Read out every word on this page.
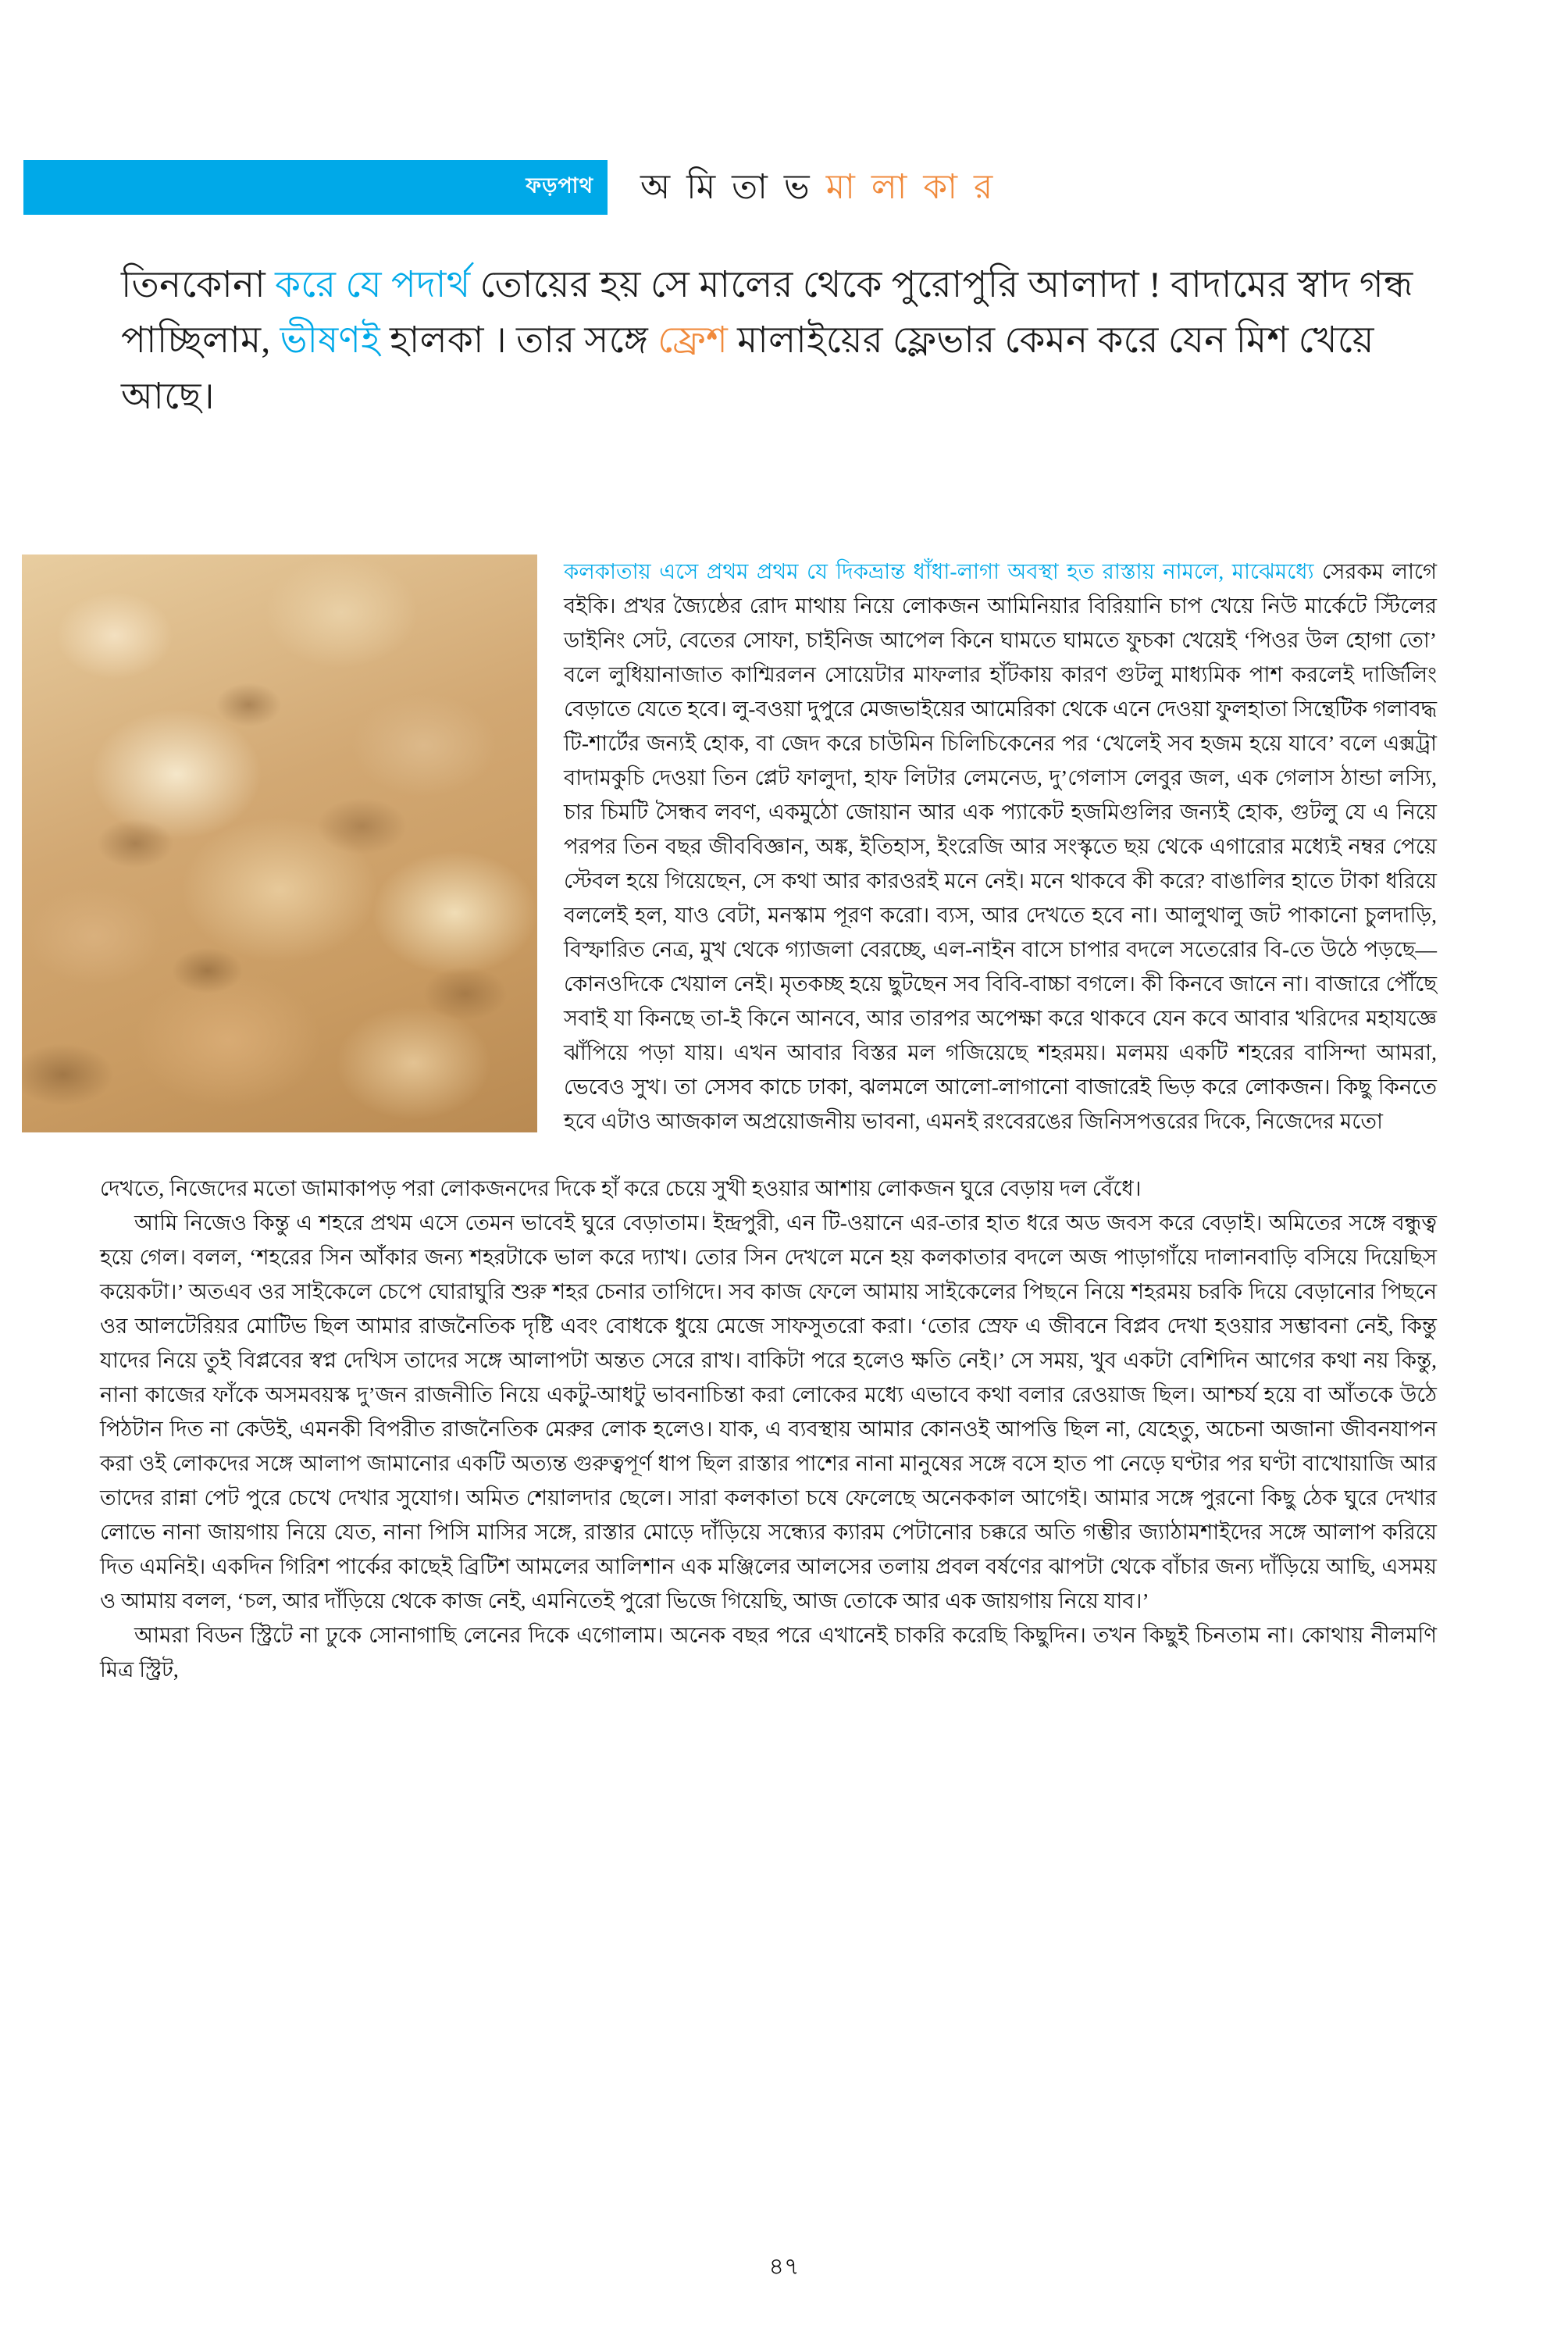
ফড়পাথ অ মি তা ভ মা লা কা র
তিনকোনা করে যে পদার্থ তোয়ের হয় সে মালের থেকে পুরোপুরি আলাদা ! বাদামের স্বাদ গন্ধ পাচ্ছিলাম, ভীষণই হালকা । তার সঙ্গে ফ্রেশ মালাইয়ের ফ্লেভার কেমন করে যেন মিশ খেয়ে আছে।

কলকাতায় এসে প্রথম প্রথম যে দিকভ্রান্ত ধাঁধা-লাগা অবস্থা হত রাস্তায় নামলে, মাঝেমধ্যে সেরকম লাগে বইকি। প্রখর জ্যৈষ্ঠের রোদ মাথায় নিয়ে লোকজন আমিনিয়ার বিরিয়ানি চাপ খেয়ে নিউ মার্কেটে স্টিলের ডাইনিং সেট, বেতের সোফা, চাইনিজ আপেল কিনে ঘামতে ঘামতে ফুচকা খেয়েই ‘পিওর উল হোগা তো’ বলে লুধিয়ানাজাত কাশ্মিরলন সোয়েটার মাফলার হাঁটকায় কারণ গুটলু মাধ্যমিক পাশ করলেই দার্জিলিং বেড়াতে যেতে হবে। লু-বওয়া দুপুরে মেজভাইয়ের আমেরিকা থেকে এনে দেওয়া ফুলহাতা সিন্থেটিক গলাবদ্ধ টি-শার্টের জন্যই হোক, বা জেদ করে চাউমিন চিলিচিকেনের পর ‘খেলেই সব হজম হয়ে যাবে’ বলে এক্সট্রা বাদামকুচি দেওয়া তিন প্লেট ফালুদা, হাফ লিটার লেমনেড, দু’গেলাস লেবুর জল, এক গেলাস ঠান্ডা লস্যি, চার চিমটি সৈন্ধব লবণ, একমুঠো জোয়ান আর এক প্যাকেট হজমিগুলির জন্যই হোক, গুটলু যে এ নিয়ে পরপর তিন বছর জীববিজ্ঞান, অঙ্ক, ইতিহাস, ইংরেজি আর সংস্কৃতে ছয় থেকে এগারোর মধ্যেই নম্বর পেয়ে স্টেবল হয়ে গিয়েছেন, সে কথা আর কারওরই মনে নেই। মনে থাকবে কী করে? বাঙালির হাতে টাকা ধরিয়ে বললেই হল, যাও বেটা, মনস্কাম পূরণ করো। ব্যস, আর দেখতে হবে না। আলুথালু জট পাকানো চুলদাড়ি, বিস্ফারিত নেত্র, মুখ থেকে গ্যাজলা বেরচ্ছে, এল-নাইন বাসে চাপার বদলে সতেরোর বি-তে উঠে পড়ছে—কোনওদিকে খেয়াল নেই। মৃতকচ্ছ হয়ে ছুটছেন সব বিবি-বাচ্চা বগলে। কী কিনবে জানে না। বাজারে পৌঁছে সবাই যা কিনছে তা-ই কিনে আনবে, আর তারপর অপেক্ষা করে থাকবে যেন কবে আবার খরিদের মহাযজ্ঞে ঝাঁপিয়ে পড়া যায়। এখন আবার বিস্তর মল গজিয়েছে শহরময়। মলময় একটি শহরের বাসিন্দা আমরা, ভেবেও সুখ। তা সেসব কাচে ঢাকা, ঝলমলে আলো-লাগানো বাজারেই ভিড় করে লোকজন। কিছু কিনতে হবে এটাও আজকাল অপ্রয়োজনীয় ভাবনা, এমনই রংবেরঙের জিনিসপত্তরের দিকে, নিজেদের মতো

দেখতে, নিজেদের মতো জামাকাপড় পরা লোকজনদের দিকে হাঁ করে চেয়ে সুখী হওয়ার আশায় লোকজন ঘুরে বেড়ায় দল বেঁধে।

আমি নিজেও কিন্তু এ শহরে প্রথম এসে তেমন ভাবেই ঘুরে বেড়াতাম। ইন্দ্রপুরী, এন টি-ওয়ানে এর-তার হাত ধরে অড জবস করে বেড়াই। অমিতের সঙ্গে বন্ধুত্ব হয়ে গেল। বলল, ‘শহরের সিন আঁকার জন্য শহরটাকে ভাল করে দ্যাখ। তোর সিন দেখলে মনে হয় কলকাতার বদলে অজ পাড়াগাঁয়ে দালানবাড়ি বসিয়ে দিয়েছিস কয়েকটা।’ অতএব ওর সাইকেলে চেপে ঘোরাঘুরি শুরু শহর চেনার তাগিদে। সব কাজ ফেলে আমায় সাইকেলের পিছনে নিয়ে শহরময় চরকি দিয়ে বেড়ানোর পিছনে ওর আলটেরিয়র মোটিভ ছিল আমার রাজনৈতিক দৃষ্টি এবং বোধকে ধুয়ে মেজে সাফসুতরো করা। ‘তোর স্রেফ এ জীবনে বিপ্লব দেখা হওয়ার সম্ভাবনা নেই, কিন্তু যাদের নিয়ে তুই বিপ্লবের স্বপ্ন দেখিস তাদের সঙ্গে আলাপটা অন্তত সেরে রাখ। বাকিটা পরে হলেও ক্ষতি নেই।’ সে সময়, খুব একটা বেশিদিন আগের কথা নয় কিন্তু, নানা কাজের ফাঁকে অসমবয়স্ক দু’জন রাজনীতি নিয়ে একটু-আধটু ভাবনাচিন্তা করা লোকের মধ্যে এভাবে কথা বলার রেওয়াজ ছিল। আশ্চর্য হয়ে বা আঁতকে উঠে পিঠটান দিত না কেউই, এমনকী বিপরীত রাজনৈতিক মেরুর লোক হলেও। যাক, এ ব্যবস্থায় আমার কোনওই আপত্তি ছিল না, যেহেতু, অচেনা অজানা জীবনযাপন করা ওই লোকদের সঙ্গে আলাপ জামানোর একটি অত্যন্ত গুরুত্বপূর্ণ ধাপ ছিল রাস্তার পাশের নানা মানুষের সঙ্গে বসে হাত পা নেড়ে ঘণ্টার পর ঘণ্টা বাখোয়াজি আর তাদের রান্না পেট পুরে চেখে দেখার সুযোগ। অমিত শেয়ালদার ছেলে। সারা কলকাতা চষে ফেলেছে অনেককাল আগেই। আমার সঙ্গে পুরনো কিছু ঠেক ঘুরে দেখার লোভে নানা জায়গায় নিয়ে যেত, নানা পিসি মাসির সঙ্গে, রাস্তার মোড়ে দাঁড়িয়ে সন্ধ্যের ক্যারম পেটানোর চক্করে অতি গম্ভীর জ্যাঠামশাইদের সঙ্গে আলাপ করিয়ে দিত এমনিই। একদিন গিরিশ পার্কের কাছেই ব্রিটিশ আমলের আলিশান এক মঞ্জিলের আলসের তলায় প্রবল বর্ষণের ঝাপটা থেকে বাঁচার জন্য দাঁড়িয়ে আছি, এসময় ও আমায় বলল, ‘চল, আর দাঁড়িয়ে থেকে কাজ নেই, এমনিতেই পুরো ভিজে গিয়েছি, আজ তোকে আর এক জায়গায় নিয়ে যাব।’

আমরা বিডন স্ট্রিটে না ঢুকে সোনাগাছি লেনের দিকে এগোলাম। অনেক বছর পরে এখানেই চাকরি করেছি কিছুদিন। তখন কিছুই চিনতাম না। কোথায় নীলমণি মিত্র স্ট্রিট,

৪৭
